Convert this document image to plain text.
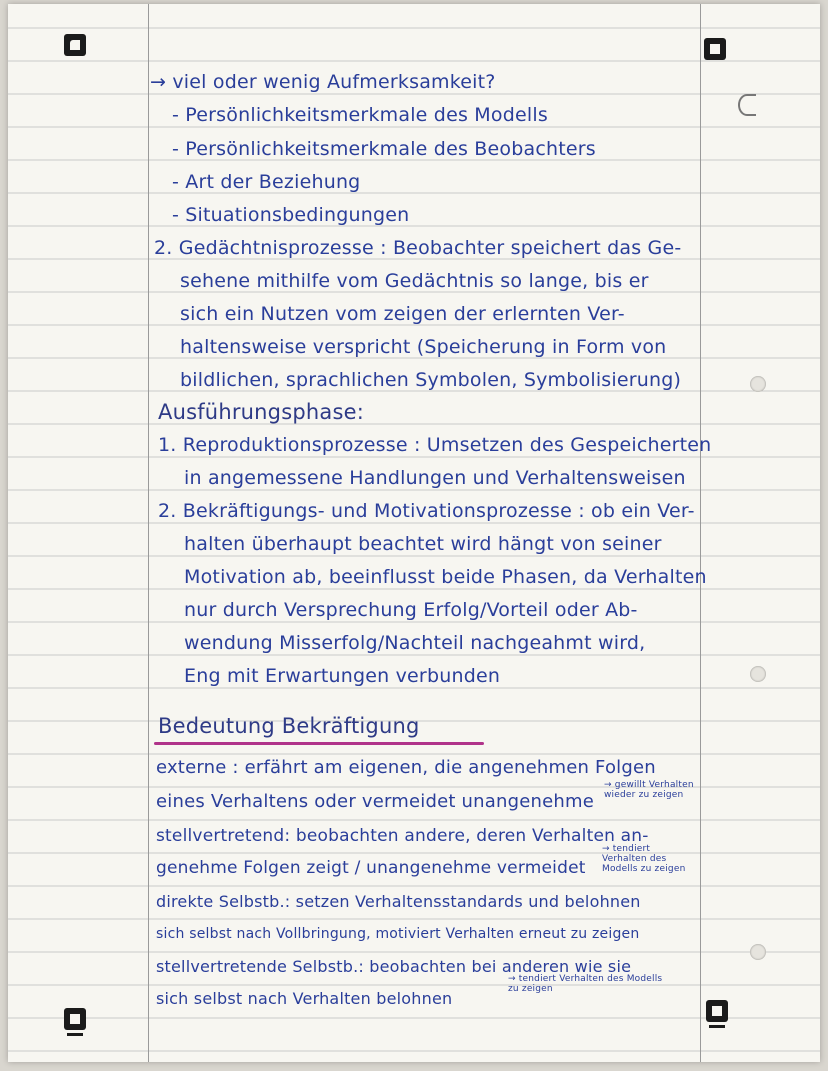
→ viel oder wenig Aufmerksamkeit?
- Persönlichkeitsmerkmale des Modells
- Persönlichkeitsmerkmale des Beobachters
- Art der Beziehung
- Situationsbedingungen
2. Gedächtnisprozesse : Beobachter speichert das Ge-
sehene mithilfe vom Gedächtnis so lange, bis er
sich ein Nutzen vom zeigen der erlernten Ver-
haltensweise verspricht (Speicherung in Form von
bildlichen, sprachlichen Symbolen, Symbolisierung)
Ausführungsphase:
1. Reproduktionsprozesse : Umsetzen des Gespeicherten
in angemessene Handlungen und Verhaltensweisen
2. Bekräftigungs- und Motivationsprozesse : ob ein Ver-
halten überhaupt beachtet wird hängt von seiner
Motivation ab, beeinflusst beide Phasen, da Verhalten
nur durch Versprechung Erfolg/Vorteil oder Ab-
wendung Misserfolg/Nachteil nachgeahmt wird,
Eng mit Erwartungen verbunden
Bedeutung Bekräftigung
externe : erfährt am eigenen, die angenehmen Folgen
eines Verhaltens oder vermeidet unangenehme
→ gewillt Verhalten wieder zu zeigen
stellvertretend: beobachten andere, deren Verhalten an-
genehme Folgen zeigt / unangenehme vermeidet
→ tendiert Verhalten des Modells zu zeigen
direkte Selbstb.: setzen Verhaltensstandards und belohnen
sich selbst nach Vollbringung, motiviert Verhalten erneut zu zeigen
stellvertretende Selbstb.: beobachten bei anderen wie sie
sich selbst nach Verhalten belohnen
→ tendiert Verhalten des Modells zu zeigen
